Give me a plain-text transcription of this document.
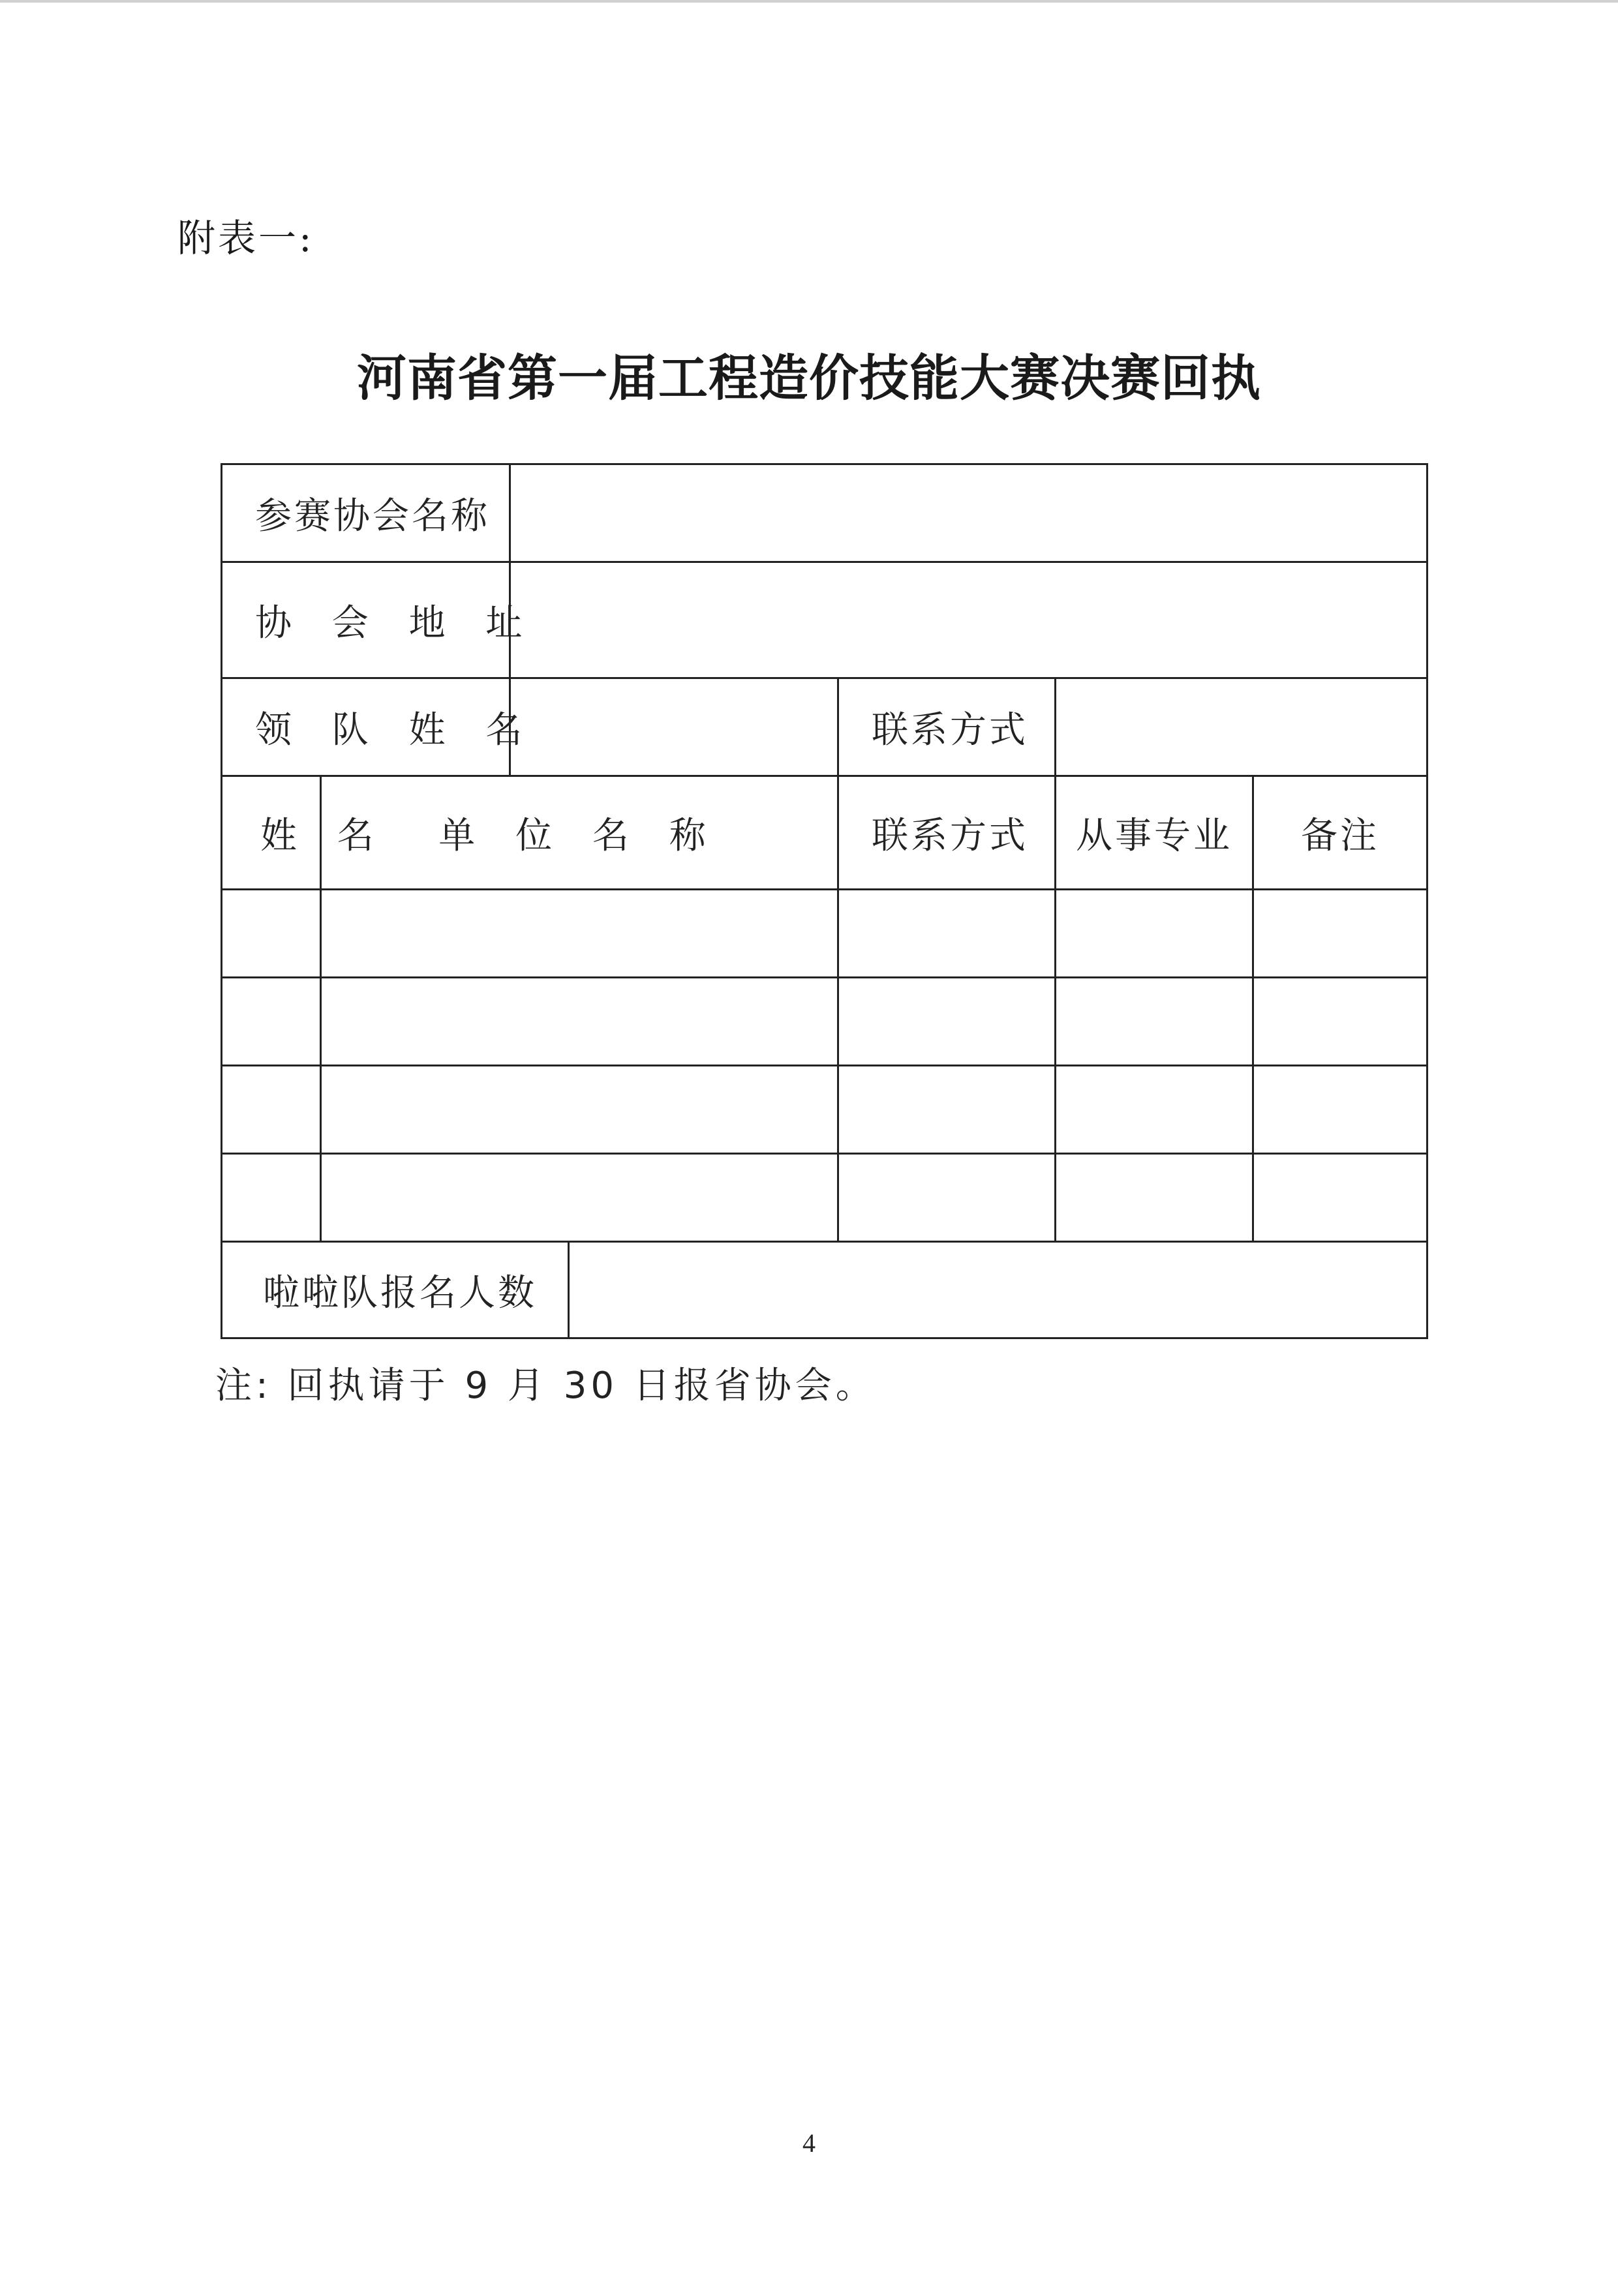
附表一:
河南省第一届工程造价技能大赛决赛回执
参赛协会名称						
协 会 地 址						
领 队 姓 名				联系方式		
姓 名	单 位 名 称			联系方式	从事专业	备注

啦啦队报名人数						
注: 回执请于 9 月 30 日报省协会。
4
